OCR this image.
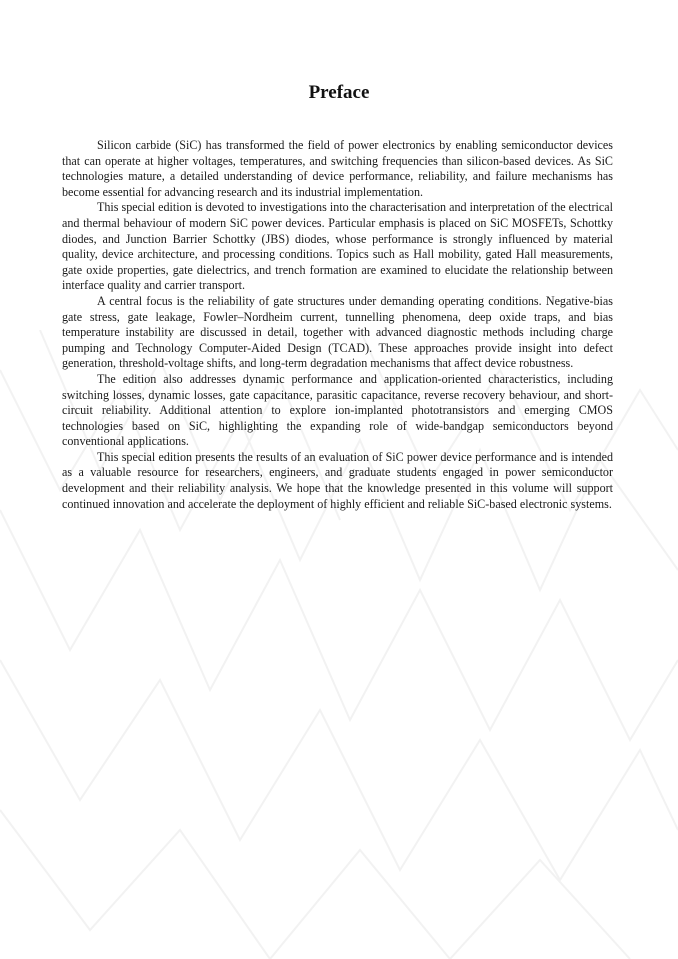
Preface

Silicon carbide (SiC) has transformed the field of power electronics by enabling semiconductor devices that can operate at higher voltages, temperatures, and switching frequencies than silicon-based devices. As SiC technologies mature, a detailed understanding of device performance, reliability, and failure mechanisms has become essential for advancing research and its industrial implementation.

This special edition is devoted to investigations into the characterisation and interpretation of the electrical and thermal behaviour of modern SiC power devices. Particular emphasis is placed on SiC MOSFETs, Schottky diodes, and Junction Barrier Schottky (JBS) diodes, whose performance is strongly influenced by material quality, device architecture, and processing conditions. Topics such as Hall mobility, gated Hall measurements, gate oxide properties, gate dielectrics, and trench formation are examined to elucidate the relationship between interface quality and carrier transport.

A central focus is the reliability of gate structures under demanding operating conditions. Negative-bias gate stress, gate leakage, Fowler–Nordheim current, tunnelling phenomena, deep oxide traps, and bias temperature instability are discussed in detail, together with advanced diagnostic methods including charge pumping and Technology Computer-Aided Design (TCAD). These approaches provide insight into defect generation, threshold-voltage shifts, and long-term degradation mechanisms that affect device robustness.

The edition also addresses dynamic performance and application-oriented characteristics, including switching losses, dynamic losses, gate capacitance, parasitic capacitance, reverse recovery behaviour, and short-circuit reliability. Additional attention to explore ion-implanted phototransistors and emerging CMOS technologies based on SiC, highlighting the expanding role of wide-bandgap semiconductors beyond conventional applications.

This special edition presents the results of an evaluation of SiC power device performance and is intended as a valuable resource for researchers, engineers, and graduate students engaged in power semiconductor development and their reliability analysis. We hope that the knowledge presented in this volume will support continued innovation and accelerate the deployment of highly efficient and reliable SiC-based electronic systems.
